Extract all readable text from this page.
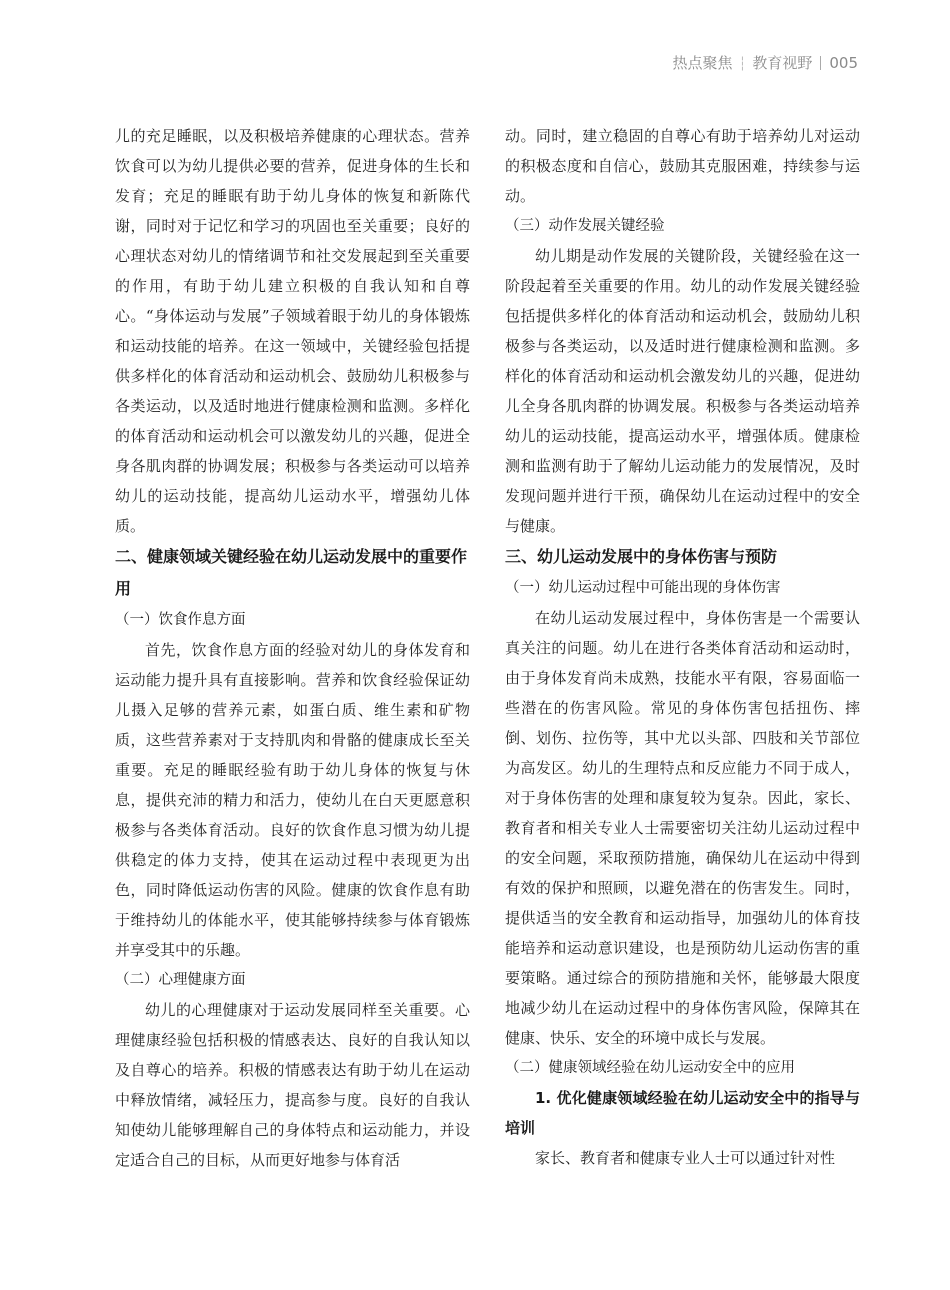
热点聚焦 ┆ 教育视野 005

儿的充足睡眠，以及积极培养健康的心理状态。营养饮食可以为幼儿提供必要的营养，促进身体的生长和发育；充足的睡眠有助于幼儿身体的恢复和新陈代谢，同时对于记忆和学习的巩固也至关重要；良好的心理状态对幼儿的情绪调节和社交发展起到至关重要的作用，有助于幼儿建立积极的自我认知和自尊心。“身体运动与发展”子领域着眼于幼儿的身体锻炼和运动技能的培养。在这一领域中，关键经验包括提供多样化的体育活动和运动机会、鼓励幼儿积极参与各类运动，以及适时地进行健康检测和监测。多样化的体育活动和运动机会可以激发幼儿的兴趣，促进全身各肌肉群的协调发展；积极参与各类运动可以培养幼儿的运动技能，提高幼儿运动水平，增强幼儿体质。

二、健康领域关键经验在幼儿运动发展中的重要作用

（一）饮食作息方面

首先，饮食作息方面的经验对幼儿的身体发育和运动能力提升具有直接影响。营养和饮食经验保证幼儿摄入足够的营养元素，如蛋白质、维生素和矿物质，这些营养素对于支持肌肉和骨骼的健康成长至关重要。充足的睡眠经验有助于幼儿身体的恢复与休息，提供充沛的精力和活力，使幼儿在白天更愿意积极参与各类体育活动。良好的饮食作息习惯为幼儿提供稳定的体力支持，使其在运动过程中表现更为出色，同时降低运动伤害的风险。健康的饮食作息有助于维持幼儿的体能水平，使其能够持续参与体育锻炼并享受其中的乐趣。

（二）心理健康方面

幼儿的心理健康对于运动发展同样至关重要。心理健康经验包括积极的情感表达、良好的自我认知以及自尊心的培养。积极的情感表达有助于幼儿在运动中释放情绪，减轻压力，提高参与度。良好的自我认知使幼儿能够理解自己的身体特点和运动能力，并设定适合自己的目标，从而更好地参与体育活

动。同时，建立稳固的自尊心有助于培养幼儿对运动的积极态度和自信心，鼓励其克服困难，持续参与运动。

（三）动作发展关键经验

幼儿期是动作发展的关键阶段，关键经验在这一阶段起着至关重要的作用。幼儿的动作发展关键经验包括提供多样化的体育活动和运动机会，鼓励幼儿积极参与各类运动，以及适时进行健康检测和监测。多样化的体育活动和运动机会激发幼儿的兴趣，促进幼儿全身各肌肉群的协调发展。积极参与各类运动培养幼儿的运动技能，提高运动水平，增强体质。健康检测和监测有助于了解幼儿运动能力的发展情况，及时发现问题并进行干预，确保幼儿在运动过程中的安全与健康。

三、幼儿运动发展中的身体伤害与预防

（一）幼儿运动过程中可能出现的身体伤害

在幼儿运动发展过程中，身体伤害是一个需要认真关注的问题。幼儿在进行各类体育活动和运动时，由于身体发育尚未成熟，技能水平有限，容易面临一些潜在的伤害风险。常见的身体伤害包括扭伤、摔倒、划伤、拉伤等，其中尤以头部、四肢和关节部位为高发区。幼儿的生理特点和反应能力不同于成人，对于身体伤害的处理和康复较为复杂。因此，家长、教育者和相关专业人士需要密切关注幼儿运动过程中的安全问题，采取预防措施，确保幼儿在运动中得到有效的保护和照顾，以避免潜在的伤害发生。同时，提供适当的安全教育和运动指导，加强幼儿的体育技能培养和运动意识建设，也是预防幼儿运动伤害的重要策略。通过综合的预防措施和关怀，能够最大限度地减少幼儿在运动过程中的身体伤害风险，保障其在健康、快乐、安全的环境中成长与发展。

（二）健康领域经验在幼儿运动安全中的应用

1. 优化健康领域经验在幼儿运动安全中的指导与培训

家长、教育者和健康专业人士可以通过针对性
